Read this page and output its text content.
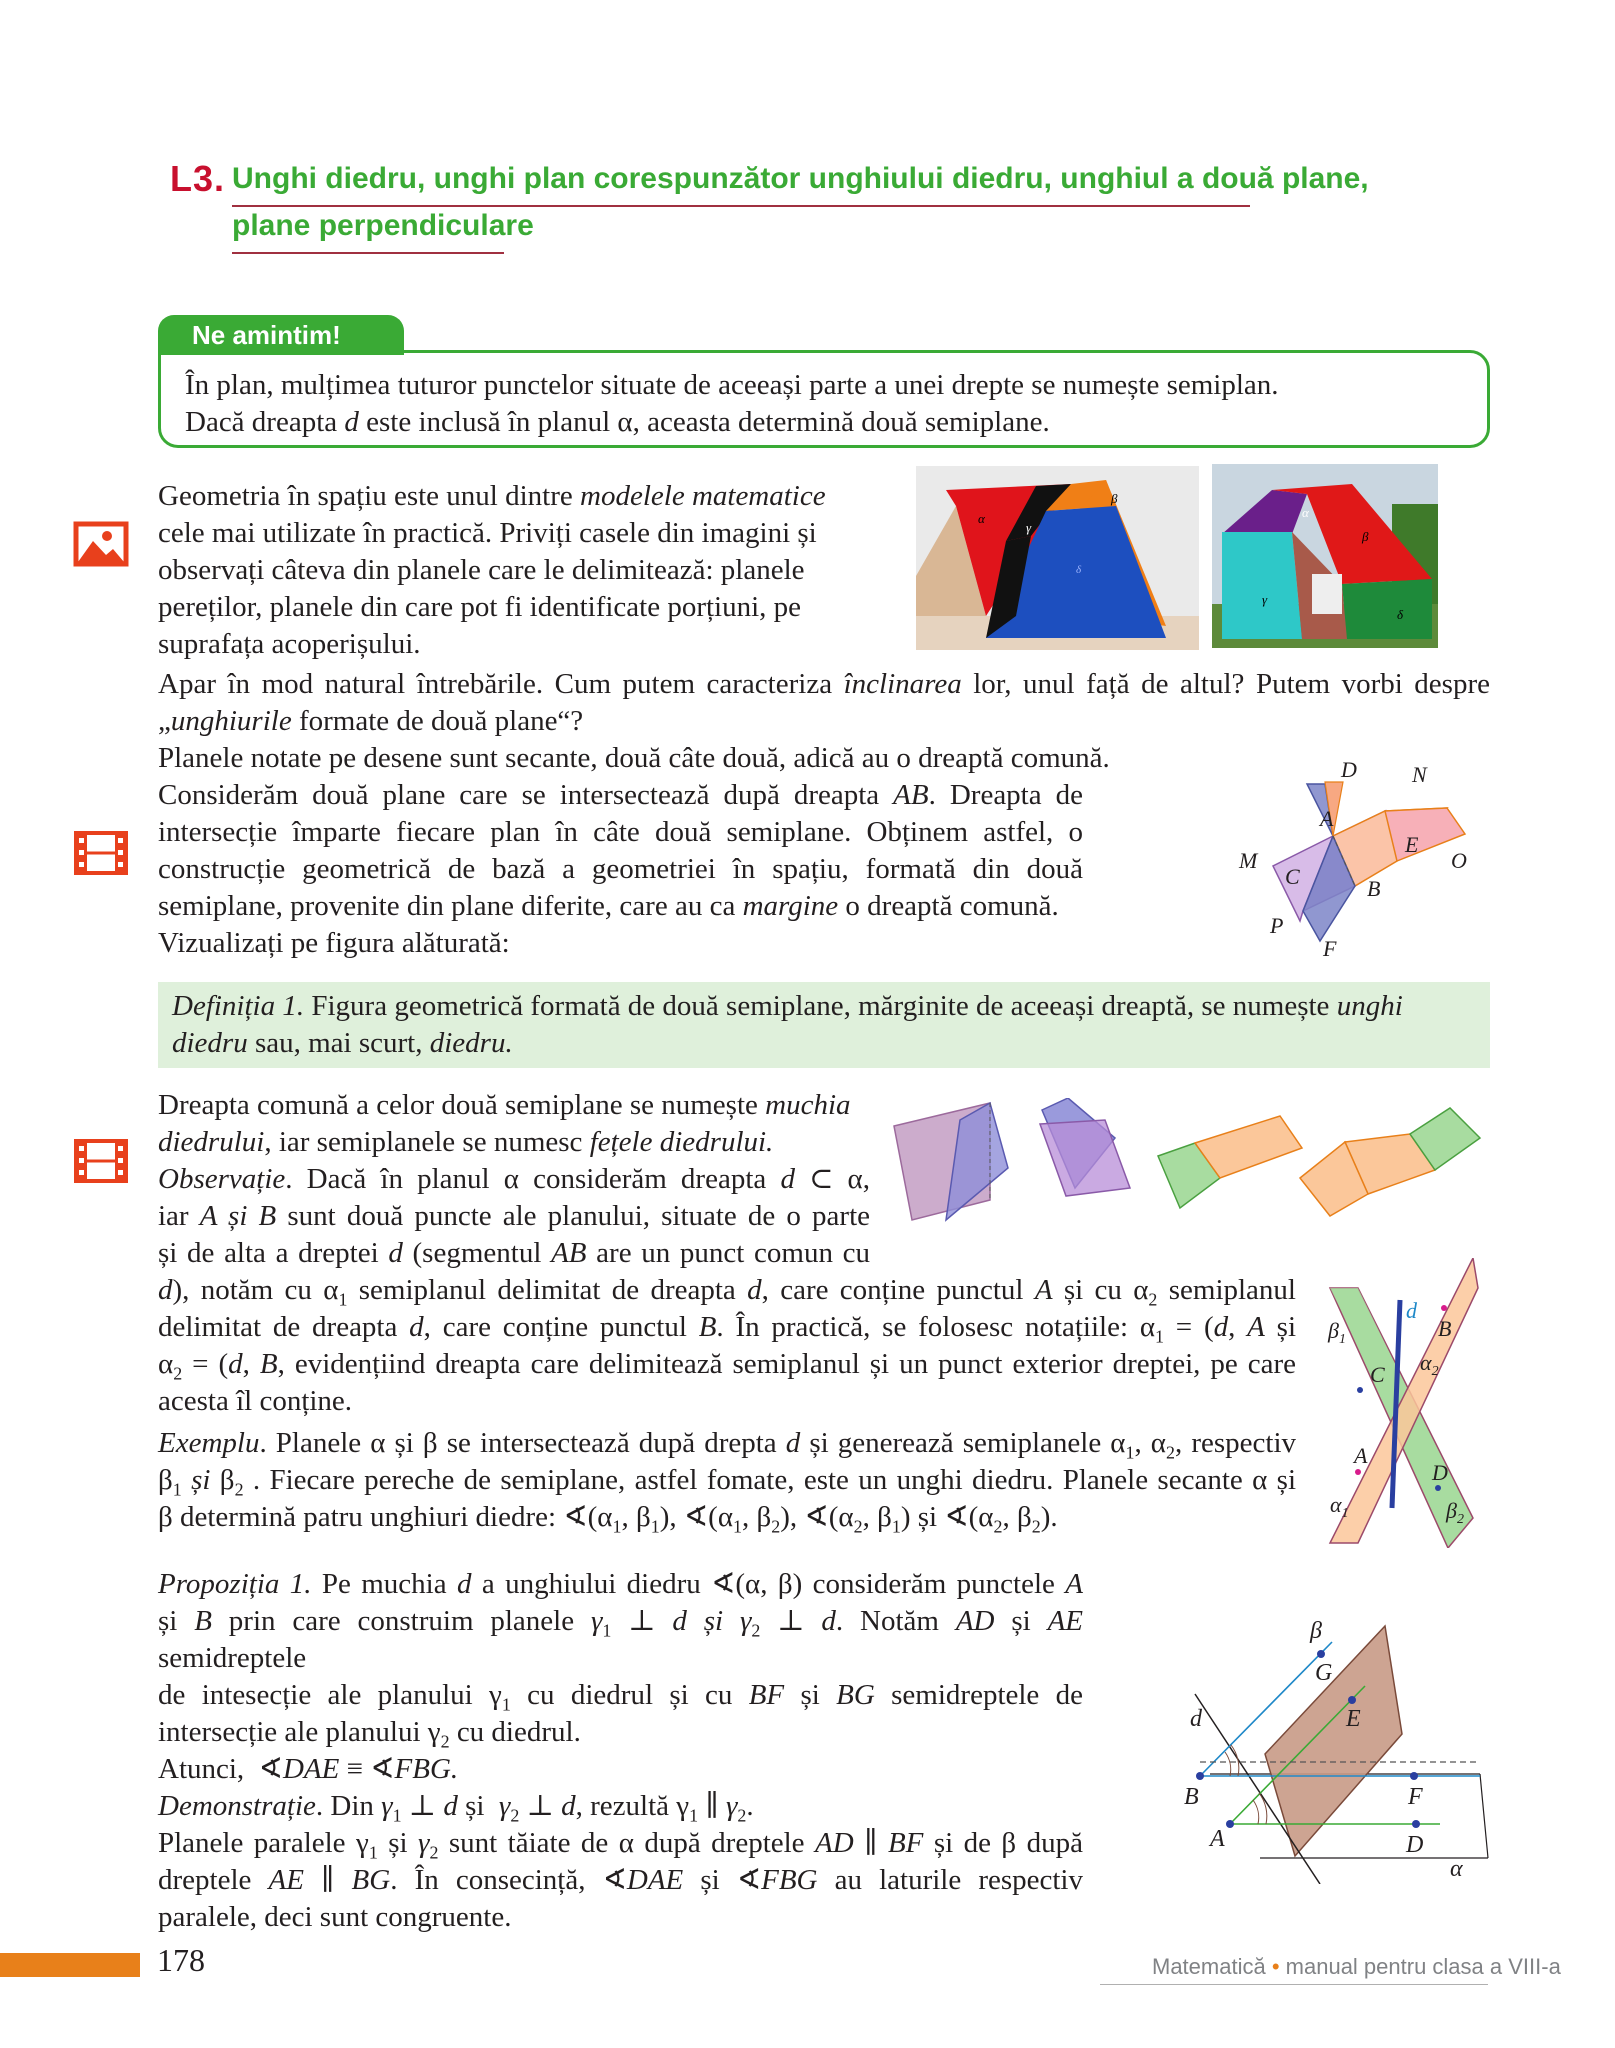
L3. Unghi diedru, unghi plan corespunzător unghiului diedru, unghiul a două plane,
plane perpendiculare
Ne amintim!
În plan, mulțimea tuturor punctelor situate de aceeași parte a unei drepte se numește semiplan.
Dacă dreapta d este inclusă în planul α, aceasta determină două semiplane.
Geometria în spațiu este unul dintre modelele matematice
cele mai utilizate în practică. Priviți casele din imagini și
observați câteva din planele care le delimitează: planele
pereților, planele din care pot fi identificate porțiuni, pe
suprafața acoperișului.
α
β
γ
δ
α
β
γ
δ
Apar în mod natural întrebările. Cum putem caracteriza înclinarea lor, unul față de altul? Putem vorbi despre
„unghiurile formate de două plane“?
Planele notate pe desene sunt secante, două câte două, adică au o dreaptă comună.
Considerăm două plane care se intersectează după dreapta AB. Dreapta de
intersecție împarte fiecare plan în câte două semiplane. Obținem astfel, o
construcție geometrică de bază a geometriei în spațiu, formată din două
semiplane, provenite din plane diferite, care au ca margine o dreaptă comună.
Vizualizați pe figura alăturată:
D	N
A
E
O
M
C	B
P
F
Definiția 1. Figura geometrică formată de două semiplane, mărginite de aceeași dreaptă, se numește unghi diedru sau, mai scurt, diedru.
Dreapta comună a celor două semiplane se numește muchia
diedrului, iar semiplanele se numesc fețele diedrului.
Observație. Dacă în planul α considerăm dreapta d ⊂ α,
iar A și B sunt două puncte ale planului, situate de o parte
și de alta a dreptei d (segmentul AB are un punct comun cu
d), notăm cu $\alpha_1$ semiplanul delimitat de dreapta d, care conține punctul A și cu $\alpha_2$ semiplanul
delimitat de dreapta d, care conține punctul B. În practică, se folosesc notațiile: $\alpha_1 = (d$, A și
$\alpha_2 = (d$, B, evidențiind dreapta care delimitează semiplanul și un punct exterior dreptei, pe care
acesta îl conține.
Exemplu. Planele α și β se intersectează după drepta d și generează semiplanele $\alpha_1$, $\alpha_2$, respectiv
$\beta_1$ și $\beta_2$ . Fiecare pereche de semiplane, astfel fomate, este un unghi diedru. Planele secante α și
β determină patru unghiuri diedre: $∢(\alpha_1$, $\beta_1$), $∢(\alpha_1$, $\beta_2$), $∢(\alpha_2$, $\beta_1$) și $∢(\alpha_2$, $\beta_2$).
d
B
$\beta_1$
$\alpha_2$
C
A
D
$\alpha_1$	$\beta_2$
Propoziția 1. Pe muchia d a unghiului diedru ∢(α, β) considerăm punctele A
și B prin care construim planele $\gamma_1$ ⊥ d și $\gamma_2$ ⊥ d. Notăm AD și AE semidreptele
de intesecție ale planului $\gamma_1$ cu diedrul și cu BF și BG semidreptele de
intersecție ale planului $\gamma_2$ cu diedrul.
Atunci,  ∢DAE ≡ ∢FBG.
Demonstrație. Din $\gamma_1$ ⊥ d și  $\gamma_2$ ⊥ d, rezultă $\gamma_1$ ∥ $\gamma_2$.
Planele paralele $\gamma_1$ și $\gamma_2$ sunt tăiate de α după dreptele AD ∥ BF și de β după
dreptele AE ∥ BG. În consecință, ∢DAE și ∢FBG au laturile respectiv
paralele, deci sunt congruente.
β
G
d	E
B	F
A	D
α
178	Matematică • manual pentru clasa a VIII-a
